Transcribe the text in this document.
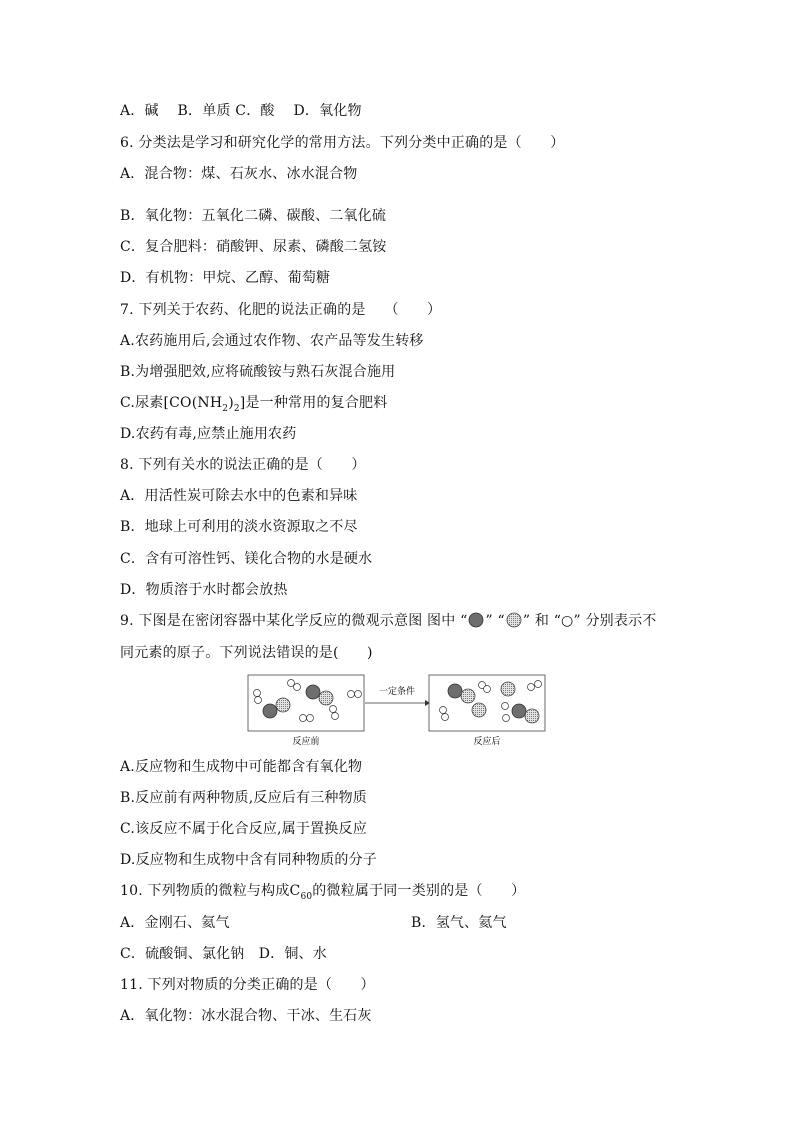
A．碱　 B．单质 C．酸　 D．氧化物
6. 分类法是学习和研究化学的常用方法。下列分类中正确的是（　　）
A．混合物：煤、石灰水、冰水混合物
B．氧化物：五氧化二磷、碳酸、二氧化硫
C．复合肥料：硝酸钾、尿素、磷酸二氢铵
D．有机物：甲烷、乙醇、葡萄糖
7. 下列关于农药、化肥的说法正确的是　 （　　）
A.农药施用后,会通过农作物、农产品等发生转移
B.为增强肥效,应将硫酸铵与熟石灰混合施用
C.尿素$[CO(NH_2)_2]$是一种常用的复合肥料
D.农药有毒,应禁止施用农药
8. 下列有关水的说法正确的是（　　）
A．用活性炭可除去水中的色素和异味
B．地球上可利用的淡水资源取之不尽
C．含有可溶性钙、镁化合物的水是硬水
D．物质溶于水时都会放热
9. 下图是在密闭容器中某化学反应的微观示意图 图中 “ ” “ ” 和 “○” 分别表示不
同元素的原子。下列说法错误的是(　　)
一定条件
反应前	反应后
A.反应物和生成物中可能都含有氧化物
B.反应前有两种物质,反应后有三种物质
C.该反应不属于化合反应,属于置换反应
D.反应物和生成物中含有同种物质的分子
10. 下列物质的微粒与构成$C_{60}$的微粒属于同一类别的是（　　）
A．金刚石、氦气	B．氢气、氦气
C．硫酸铜、氯化钠　D．铜、水
11. 下列对物质的分类正确的是（　　）
A．氧化物：冰水混合物、干冰、生石灰
